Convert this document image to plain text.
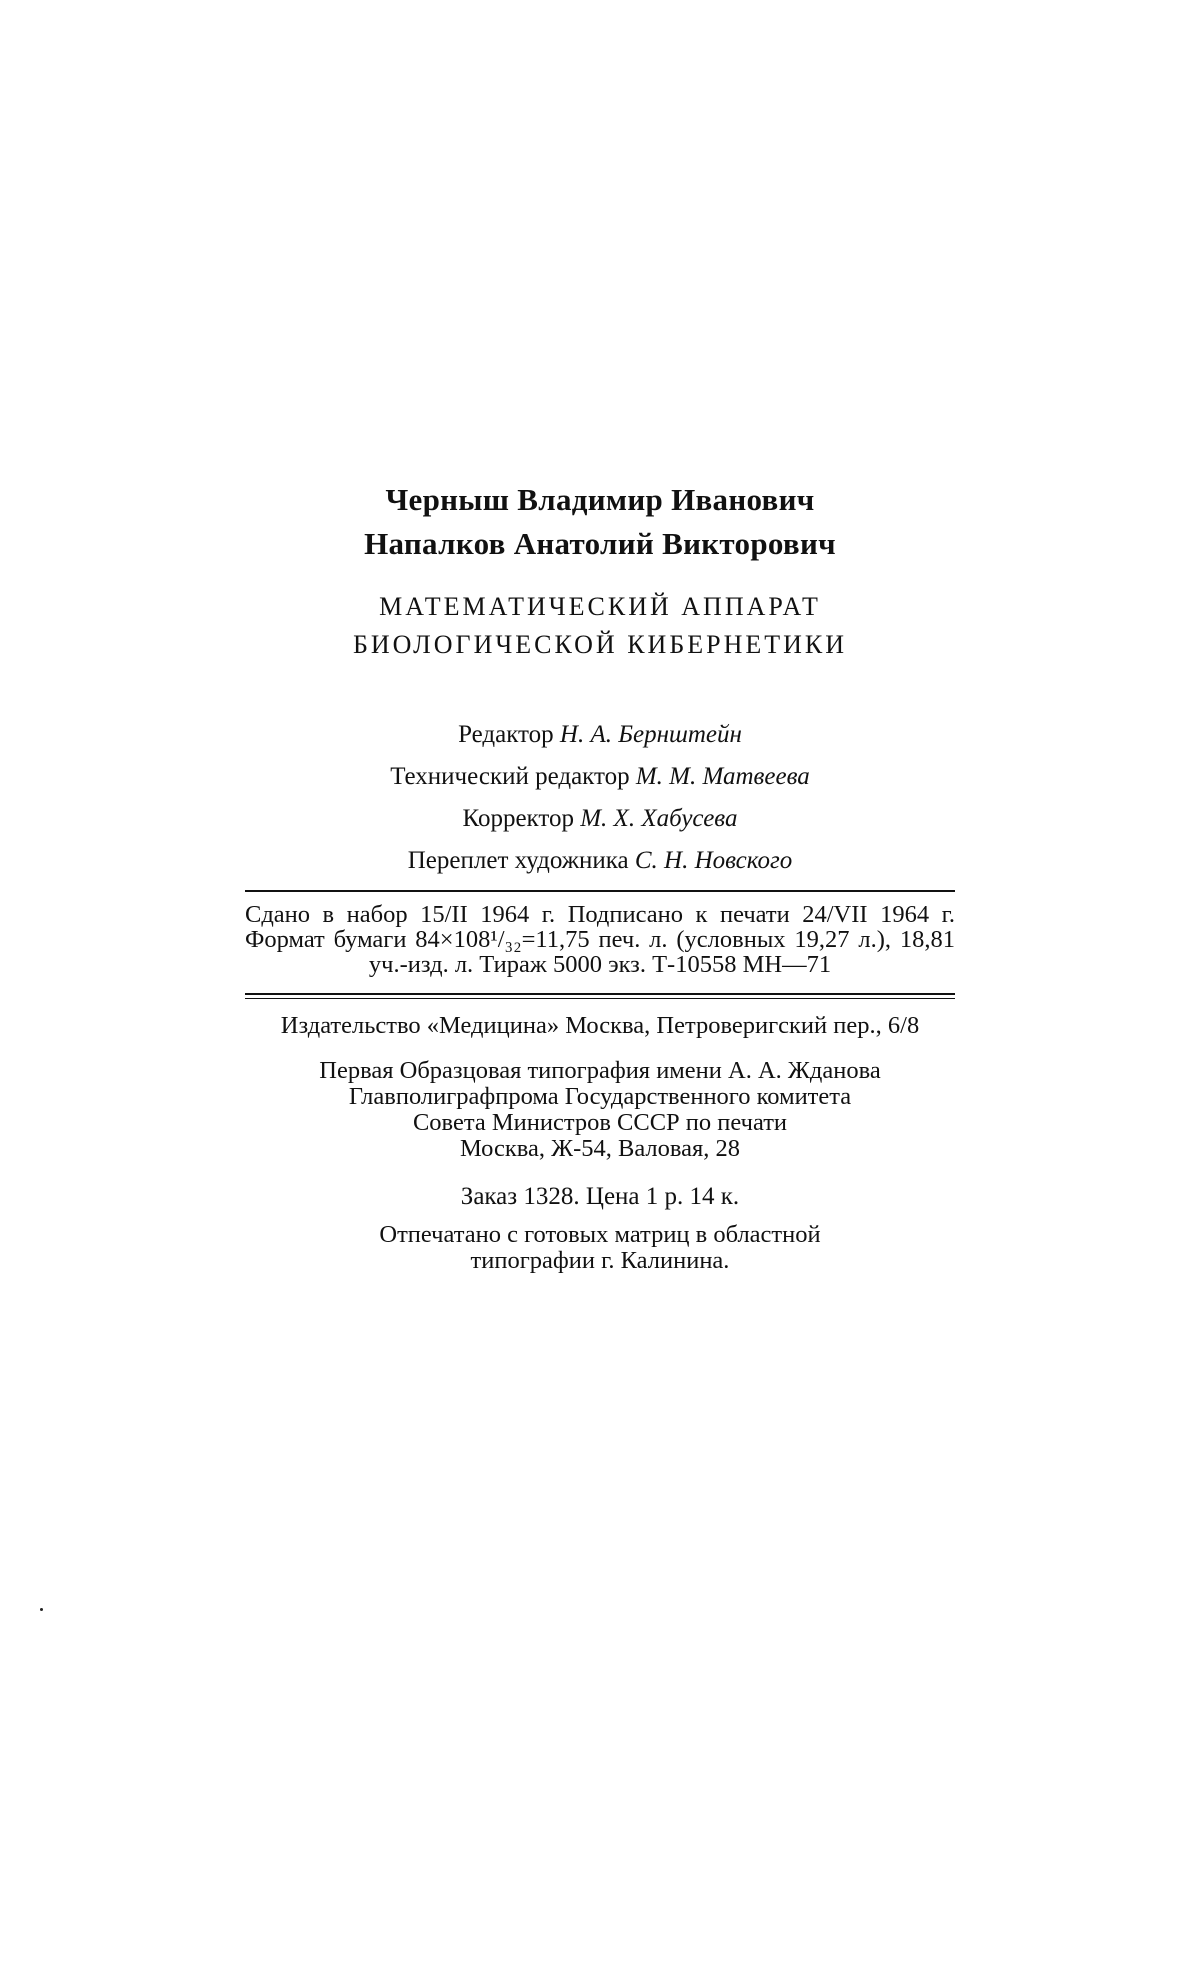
Черныш Владимир Иванович
Напалков Анатолий Викторович
МАТЕМАТИЧЕСКИЙ АППАРАТ
БИОЛОГИЧЕСКОЙ КИБЕРНЕТИКИ
Редактор Н. А. Бернштейн
Технический редактор М. М. Матвеева
Корректор М. Х. Хабусева
Переплет художника С. Н. Новского
Сдано в набор 15/II 1964 г. Подписано к печати 24/VII 1964 г. Формат бумаги 84×108¹/₃₂=11,75 печ. л. (условных 19,27 л.), 18,81 уч.-изд. л. Тираж 5000 экз. Т-10558 МН—71
Издательство «Медицина» Москва, Петроверигский пер., 6/8
Первая Образцовая типография имени А. А. Жданова
Главполиграфпрома Государственного комитета
Совета Министров СССР по печати
Москва, Ж-54, Валовая, 28
Заказ 1328. Цена 1 р. 14 к.
Отпечатано с готовых матриц в областной
типографии г. Калинина.
